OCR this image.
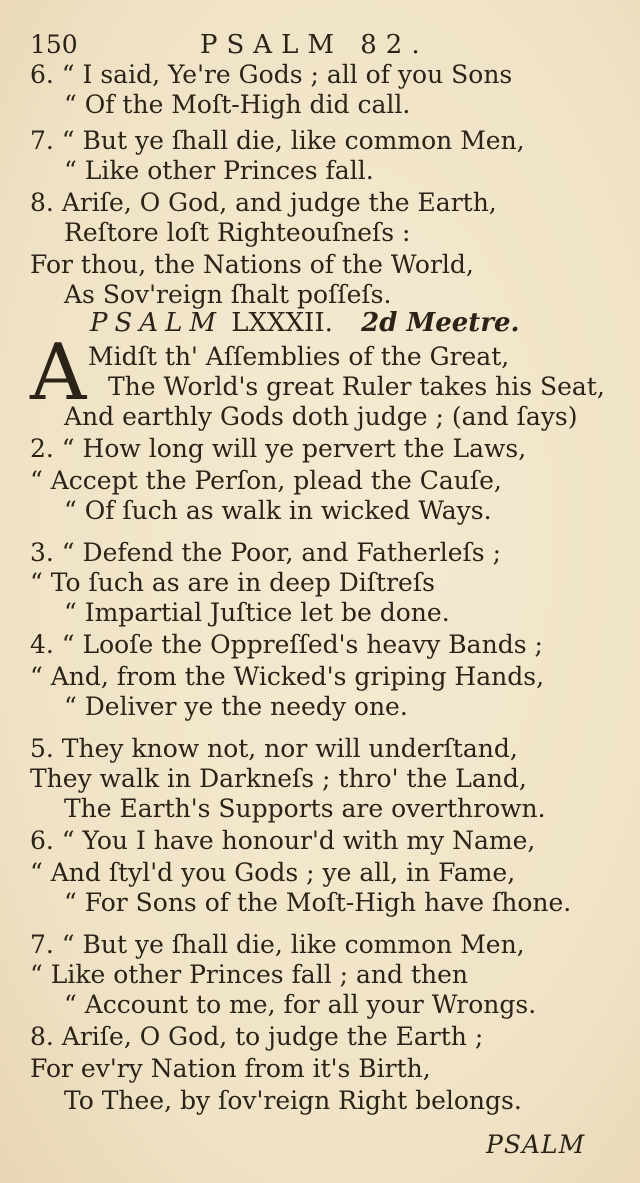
150	PSALM 82.
6. “ I said, Ye're Gods ; all of you Sons
“ Of the Moſt-High did call.
7. “ But ye ſhall die, like common Men,
“ Like other Princes fall.
8. Ariſe, O God, and judge the Earth,
Reſtore loſt Righteouſneſs :
For thou, the Nations of the World,
As Sov'reign ſhalt poſſeſs.
PSALM LXXXII. 2d Meetre.
A Midſt th' Aſſemblies of the Great,
The World's great Ruler takes his Seat,
And earthly Gods doth judge ; (and ſays)
2. “ How long will ye pervert the Laws,
“ Accept the Perſon, plead the Cauſe,
“ Of ſuch as walk in wicked Ways.
3. “ Defend the Poor, and Fatherleſs ;
“ To ſuch as are in deep Diſtreſs
“ Impartial Juſtice let be done.
4. “ Looſe the Oppreſſed's heavy Bands ;
“ And, from the Wicked's griping Hands,
“ Deliver ye the needy one.
5. They know not, nor will underſtand,
They walk in Darkneſs ; thro' the Land,
The Earth's Supports are overthrown.
6. “ You I have honour'd with my Name,
“ And ſtyl'd you Gods ; ye all, in Fame,
“ For Sons of the Moſt-High have ſhone.
7. “ But ye ſhall die, like common Men,
“ Like other Princes fall ; and then
“ Account to me, for all your Wrongs.
8. Ariſe, O God, to judge the Earth ;
For ev'ry Nation from it's Birth,
To Thee, by ſov'reign Right belongs.
PSALM
